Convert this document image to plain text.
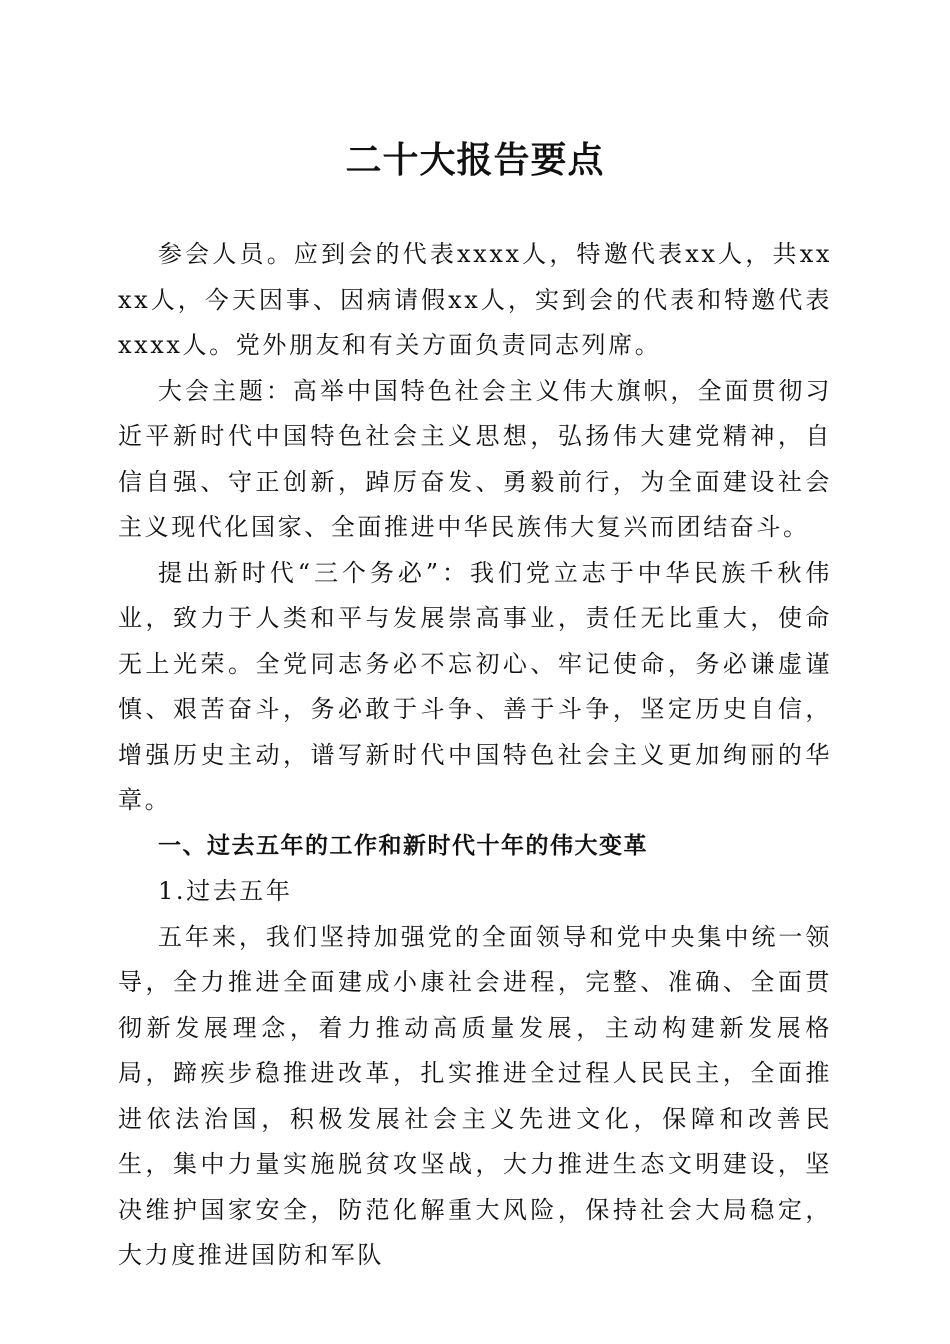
二十大报告要点

参会人员。应到会的代表xxxx人，特邀代表xx人，共xxxx人，今天因事、因病请假xx人，实到会的代表和特邀代表xxxx人。党外朋友和有关方面负责同志列席。

大会主题：高举中国特色社会主义伟大旗帜，全面贯彻习近平新时代中国特色社会主义思想，弘扬伟大建党精神，自信自强、守正创新，踔厉奋发、勇毅前行，为全面建设社会主义现代化国家、全面推进中华民族伟大复兴而团结奋斗。

提出新时代“三个务必”：我们党立志于中华民族千秋伟业，致力于人类和平与发展崇高事业，责任无比重大，使命无上光荣。全党同志务必不忘初心、牢记使命，务必谦虚谨慎、艰苦奋斗，务必敢于斗争、善于斗争，坚定历史自信，增强历史主动，谱写新时代中国特色社会主义更加绚丽的华章。

一、过去五年的工作和新时代十年的伟大变革

1.过去五年

五年来，我们坚持加强党的全面领导和党中央集中统一领导，全力推进全面建成小康社会进程，完整、准确、全面贯彻新发展理念，着力推动高质量发展，主动构建新发展格局，蹄疾步稳推进改革，扎实推进全过程人民民主，全面推进依法治国，积极发展社会主义先进文化，保障和改善民生，集中力量实施脱贫攻坚战，大力推进生态文明建设，坚决维护国家安全，防范化解重大风险，保持社会大局稳定，大力度推进国防和军队
